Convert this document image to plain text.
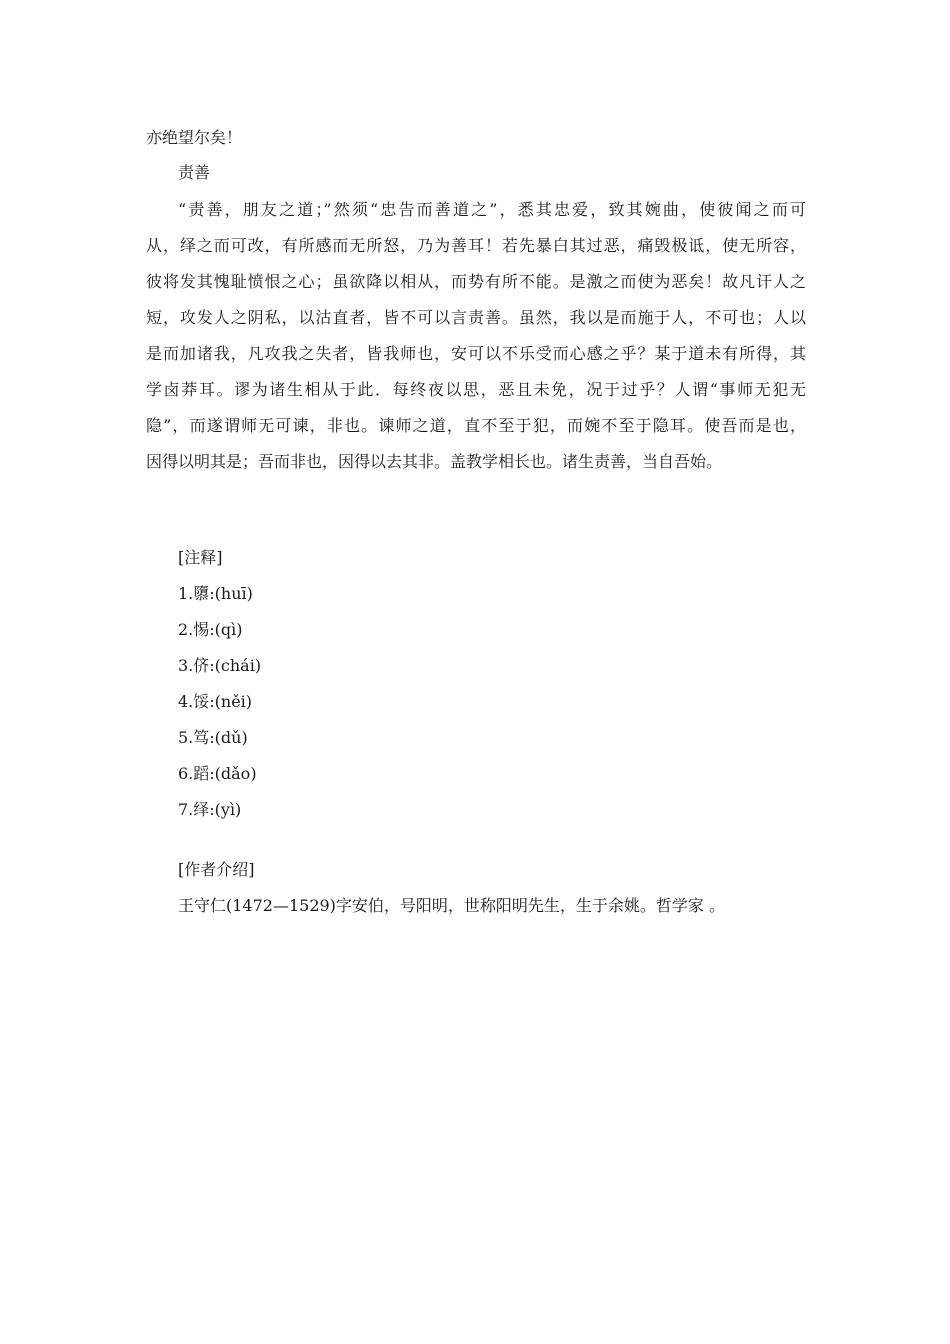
亦绝望尔矣！
责善
“责善，朋友之道；”然须“忠告而善道之”，悉其忠爱，致其婉曲，使彼闻之而可
从，绎之而可改，有所感而无所怒，乃为善耳！若先暴白其过恶，痛毁极诋，使无所容，
彼将发其愧耻愤恨之心；虽欲降以相从，而势有所不能。是激之而使为恶矣！故凡讦人之
短，攻发人之阴私，以沽直者，皆不可以言责善。虽然，我以是而施于人，不可也；人以
是而加诸我，凡攻我之失者，皆我师也，安可以不乐受而心感之乎？某于道未有所得，其
学卤莽耳。谬为诸生相从于此．每终夜以思，恶且未免，况于过乎？人谓“事师无犯无
隐”，而遂谓师无可谏，非也。谏师之道，直不至于犯，而婉不至于隐耳。使吾而是也，
因得以明其是；吾而非也，因得以去其非。盖教学相长也。诸生责善，当自吾始。
[注释]
1.隳:(huī)
2.惕:(qì)
3.侪:(chái)
4.馁:(něi)
5.笃:(dǔ)
6.蹈:(dǎo)
7.绎:(yì)
[作者介绍]
王守仁(1472—1529)字安伯，号阳明，世称阳明先生，生于余姚。哲学家 。
